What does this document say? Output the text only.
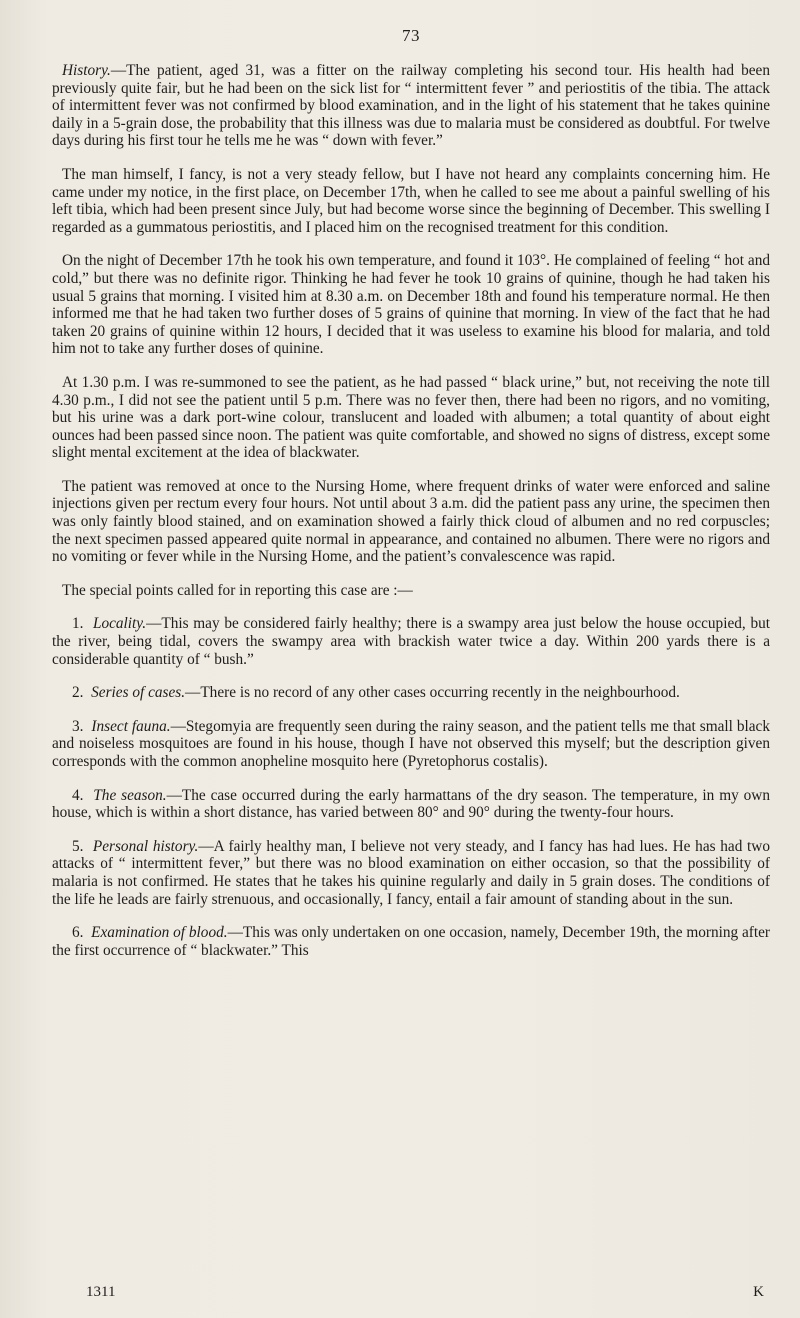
73

History.—The patient, aged 31, was a fitter on the railway completing his second tour. His health had been previously quite fair, but he had been on the sick list for “ intermittent fever ” and periostitis of the tibia. The attack of intermittent fever was not confirmed by blood examination, and in the light of his statement that he takes quinine daily in a 5-grain dose, the probability that this illness was due to malaria must be considered as doubtful. For twelve days during his first tour he tells me he was “ down with fever.”

The man himself, I fancy, is not a very steady fellow, but I have not heard any complaints concerning him. He came under my notice, in the first place, on December 17th, when he called to see me about a painful swelling of his left tibia, which had been present since July, but had become worse since the beginning of December. This swelling I regarded as a gummatous periostitis, and I placed him on the recognised treatment for this condition.

On the night of December 17th he took his own temperature, and found it 103°. He complained of feeling “ hot and cold,” but there was no definite rigor. Thinking he had fever he took 10 grains of quinine, though he had taken his usual 5 grains that morning. I visited him at 8.30 a.m. on December 18th and found his temperature normal. He then informed me that he had taken two further doses of 5 grains of quinine that morning. In view of the fact that he had taken 20 grains of quinine within 12 hours, I decided that it was useless to examine his blood for malaria, and told him not to take any further doses of quinine.

At 1.30 p.m. I was re-summoned to see the patient, as he had passed “ black urine,” but, not receiving the note till 4.30 p.m., I did not see the patient until 5 p.m. There was no fever then, there had been no rigors, and no vomiting, but his urine was a dark port-wine colour, translucent and loaded with albumen; a total quantity of about eight ounces had been passed since noon. The patient was quite comfortable, and showed no signs of distress, except some slight mental excitement at the idea of blackwater.

The patient was removed at once to the Nursing Home, where frequent drinks of water were enforced and saline injections given per rectum every four hours. Not until about 3 a.m. did the patient pass any urine, the specimen then was only faintly blood stained, and on examination showed a fairly thick cloud of albumen and no red corpuscles; the next specimen passed appeared quite normal in appearance, and contained no albumen. There were no rigors and no vomiting or fever while in the Nursing Home, and the patient’s convalescence was rapid.

The special points called for in reporting this case are :—

1. Locality.—This may be considered fairly healthy; there is a swampy area just below the house occupied, but the river, being tidal, covers the swampy area with brackish water twice a day. Within 200 yards there is a considerable quantity of “ bush.”

2. Series of cases.—There is no record of any other cases occurring recently in the neighbourhood.

3. Insect fauna.—Stegomyia are frequently seen during the rainy season, and the patient tells me that small black and noiseless mosquitoes are found in his house, though I have not observed this myself; but the description given corresponds with the common anopheline mosquito here (Pyretophorus costalis).

4. The season.—The case occurred during the early harmattans of the dry season. The temperature, in my own house, which is within a short distance, has varied between 80° and 90° during the twenty-four hours.

5. Personal history.—A fairly healthy man, I believe not very steady, and I fancy has had lues. He has had two attacks of “ intermittent fever,” but there was no blood examination on either occasion, so that the possibility of malaria is not confirmed. He states that he takes his quinine regularly and daily in 5 grain doses. The conditions of the life he leads are fairly strenuous, and occasionally, I fancy, entail a fair amount of standing about in the sun.

6. Examination of blood.—This was only undertaken on one occasion, namely, December 19th, the morning after the first occurrence of “ blackwater.” This

1311	K
